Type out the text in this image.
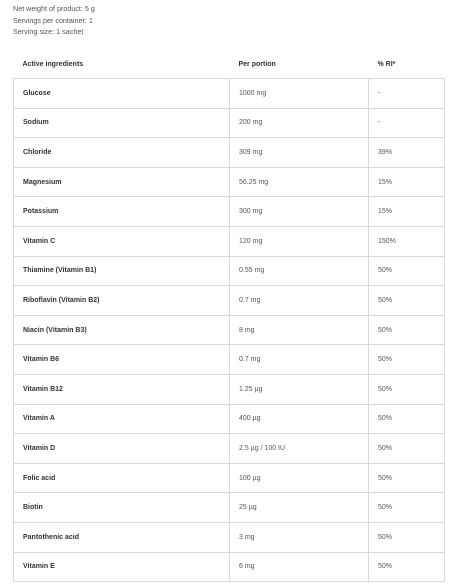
Net weight of product: 5 g
Servings per container: 1
Serving size: 1 sachet
Active ingredients	Per portion	% RI*
Glucose	1000 mg	-
Sodium	200 mg	-
Chloride	309 mg	39%
Magnesium	56.25 mg	15%
Potassium	300 mg	15%
Vitamin C	120 mg	150%
Thiamine (Vitamin B1)	0.55 mg	50%
Riboflavin (Vitamin B2)	0.7 mg	50%
Niacin (Vitamin B3)	8 mg	50%
Vitamin B6	0.7 mg	50%
Vitamin B12	1.25 µg	50%
Vitamin A	400 µg	50%
Vitamin D	2.5 µg / 100 IU	50%
Folic acid	100 µg	50%
Biotin	25 µg	50%
Pantothenic acid	3 mg	50%
Vitamin E	6 mg	50%
